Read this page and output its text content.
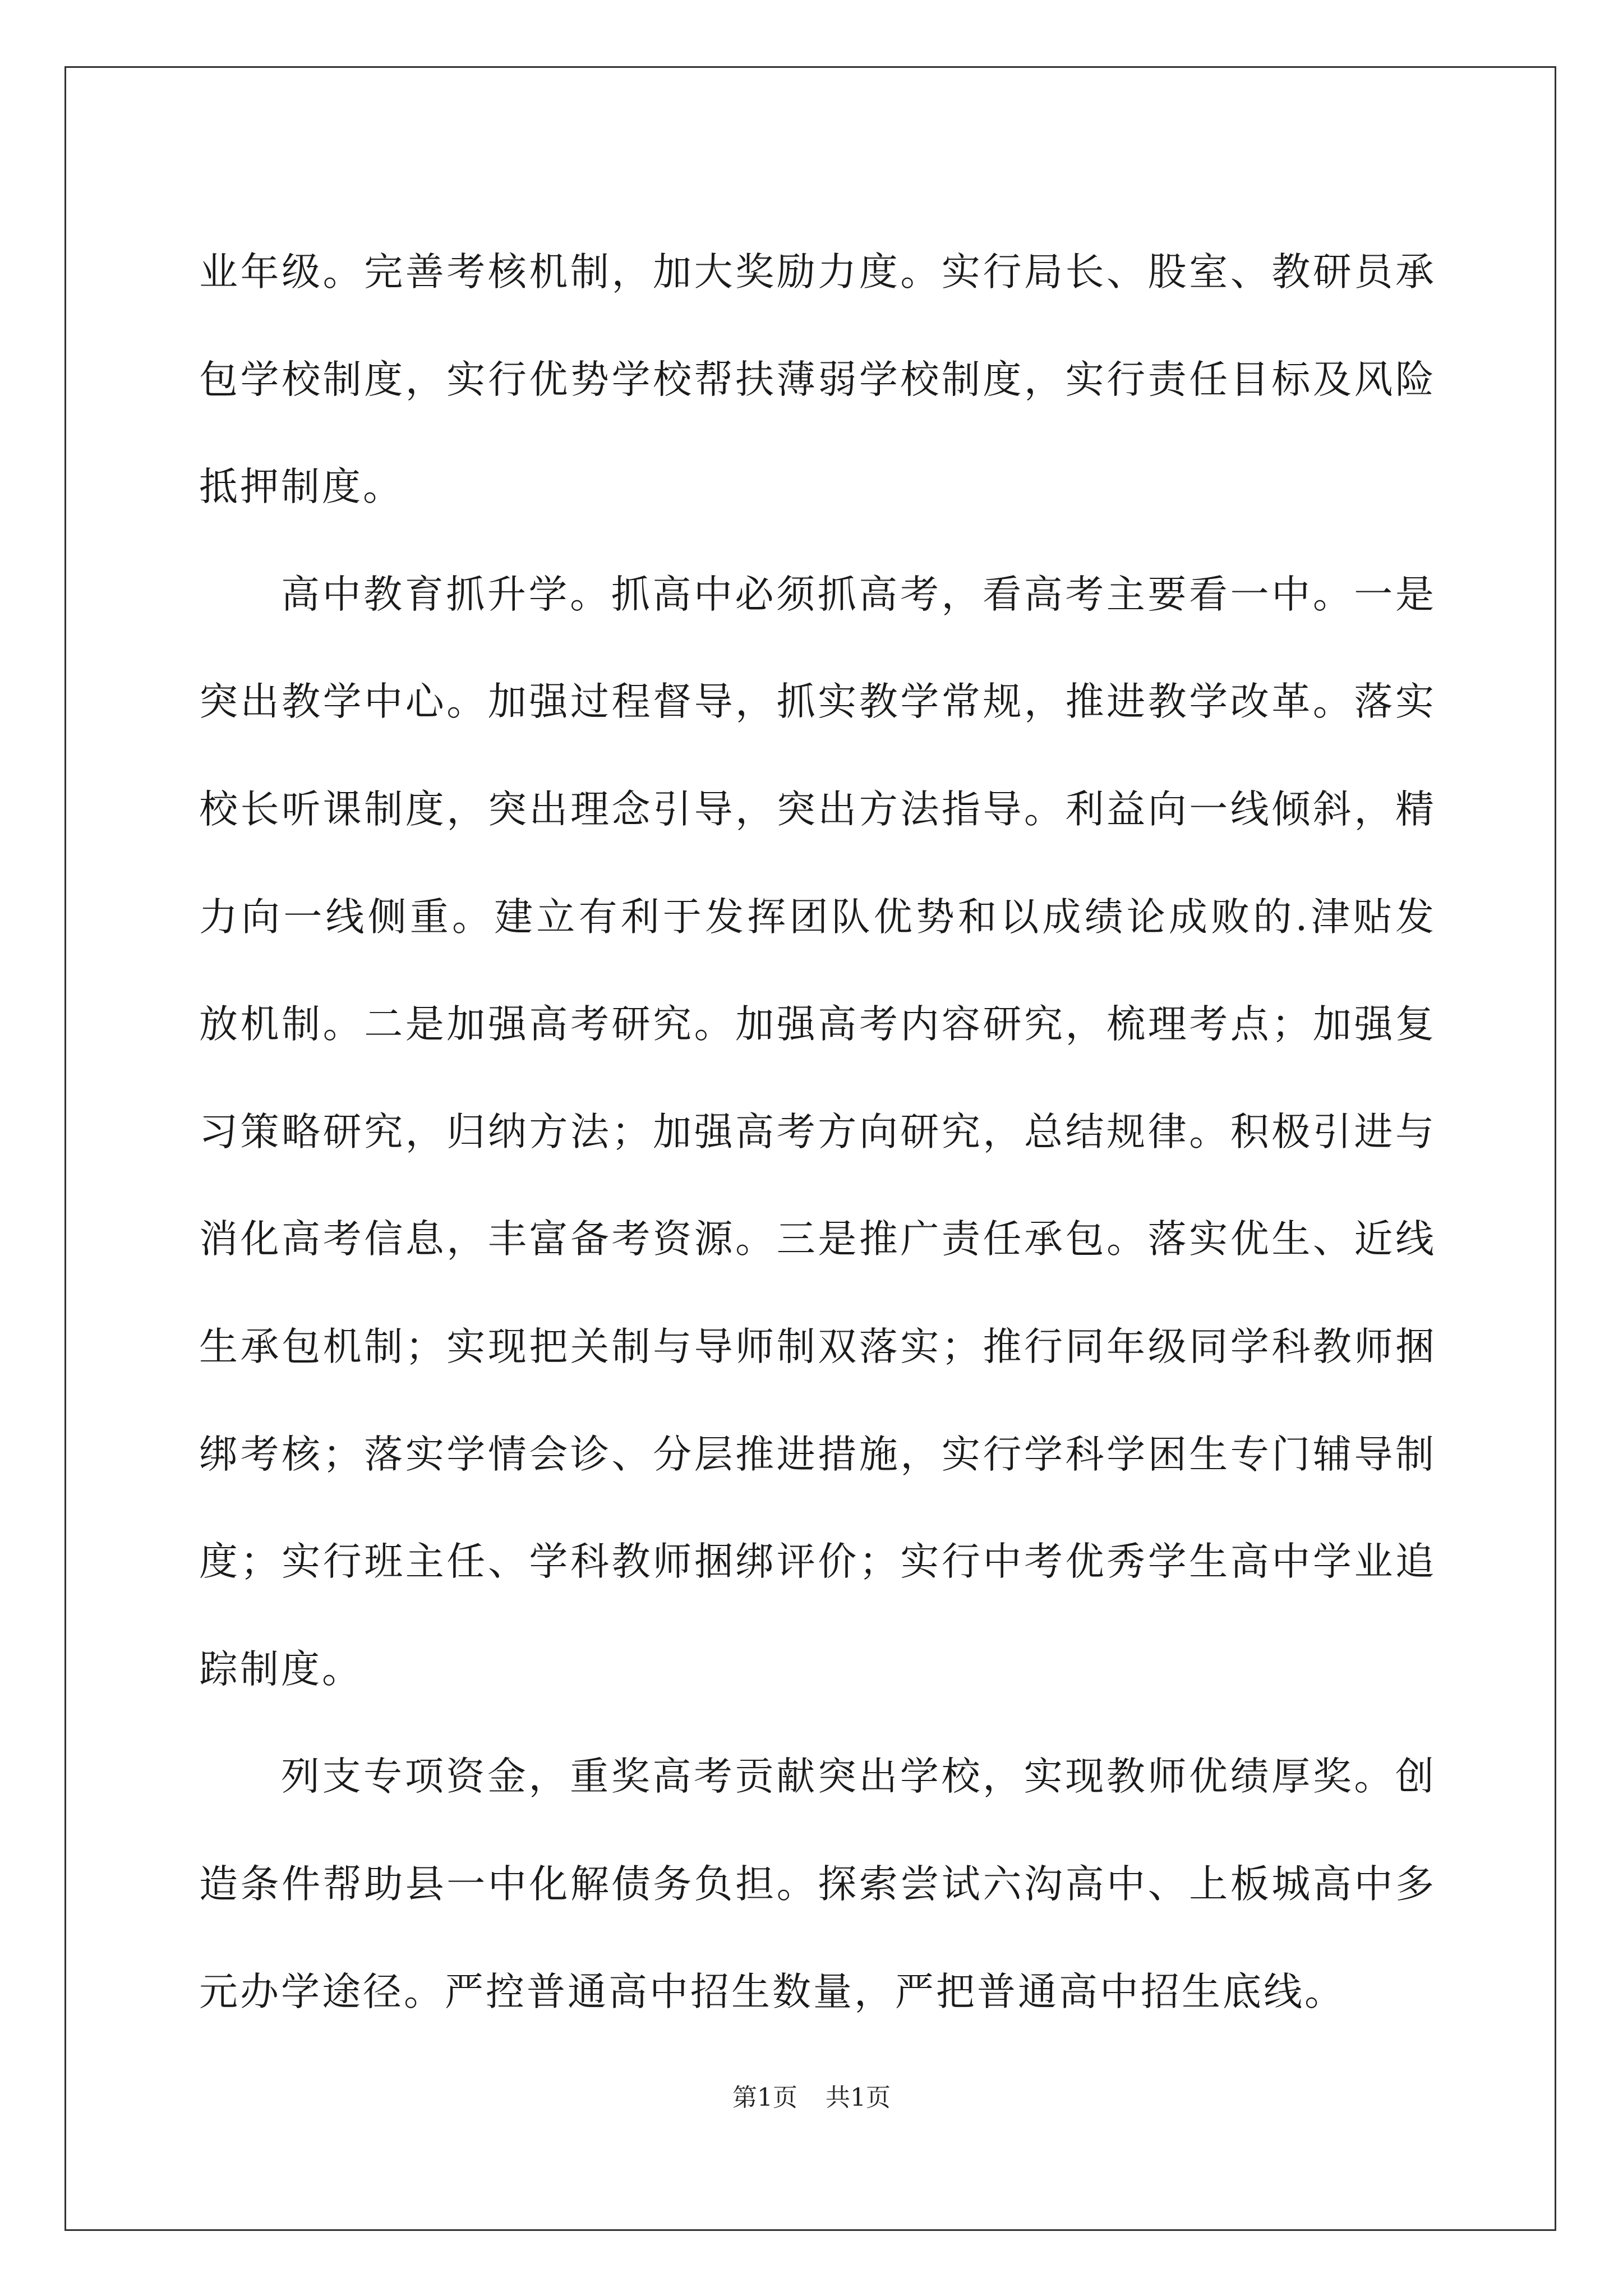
业年级。完善考核机制，加大奖励力度。实行局长、股室、教研员承包学校制度，实行优势学校帮扶薄弱学校制度，实行责任目标及风险抵押制度。

高中教育抓升学。抓高中必须抓高考，看高考主要看一中。一是突出教学中心。加强过程督导，抓实教学常规，推进教学改革。落实校长听课制度，突出理念引导，突出方法指导。利益向一线倾斜，精力向一线侧重。建立有利于发挥团队优势和以成绩论成败的.津贴发放机制。二是加强高考研究。加强高考内容研究，梳理考点；加强复习策略研究，归纳方法；加强高考方向研究，总结规律。积极引进与消化高考信息，丰富备考资源。三是推广责任承包。落实优生、近线生承包机制；实现把关制与导师制双落实；推行同年级同学科教师捆绑考核；落实学情会诊、分层推进措施，实行学科学困生专门辅导制度；实行班主任、学科教师捆绑评价；实行中考优秀学生高中学业追踪制度。

列支专项资金，重奖高考贡献突出学校，实现教师优绩厚奖。创造条件帮助县一中化解债务负担。探索尝试六沟高中、上板城高中多元办学途径。严控普通高中招生数量，严把普通高中招生底线。

第1页 共1页
